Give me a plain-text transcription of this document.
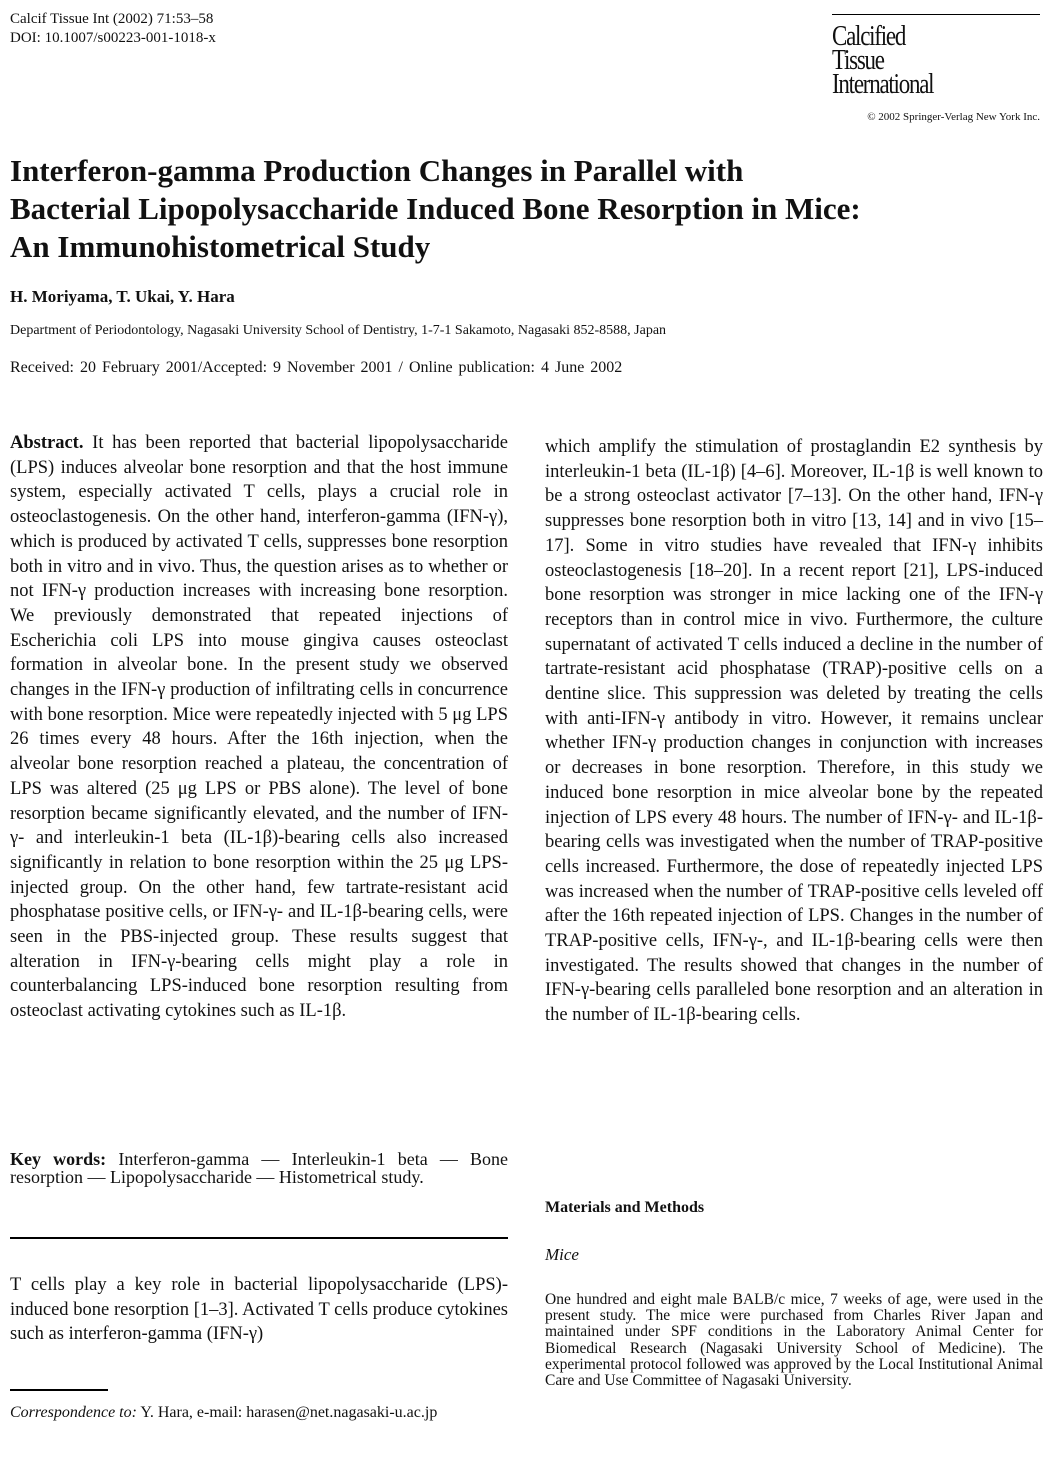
Calcif Tissue Int (2002) 71:53–58
DOI: 10.1007/s00223-001-1018-x	Calcified
Tissue
International
© 2002 Springer-Verlag New York Inc.
Interferon-gamma Production Changes in Parallel with
Bacterial Lipopolysaccharide Induced Bone Resorption in Mice:
An Immunohistometrical Study
H. Moriyama, T. Ukai, Y. Hara
Department of Periodontology, Nagasaki University School of Dentistry, 1-7-1 Sakamoto, Nagasaki 852-8588, Japan
Received: 20 February 2001/Accepted: 9 November 2001 / Online publication: 4 June 2002
Abstract. It has been reported that bacterial lipopolysaccharide (LPS) induces alveolar bone resorption and that the host immune system, especially activated T cells, plays a crucial role in osteoclastogenesis. On the other hand, interferon-gamma (IFN-γ), which is produced by activated T cells, suppresses bone resorption both in vitro and in vivo. Thus, the question arises as to whether or not IFN-γ production increases with increasing bone resorption. We previously demonstrated that repeated injections of Escherichia coli LPS into mouse gingiva causes osteoclast formation in alveolar bone. In the present study we observed changes in the IFN-γ production of infiltrating cells in concurrence with bone resorption. Mice were repeatedly injected with 5 μg LPS 26 times every 48 hours. After the 16th injection, when the alveolar bone resorption reached a plateau, the concentration of LPS was altered (25 μg LPS or PBS alone). The level of bone resorption became significantly elevated, and the number of IFN-γ- and interleukin-1 beta (IL-1β)-bearing cells also increased significantly in relation to bone resorption within the 25 μg LPS-injected group. On the other hand, few tartrate-resistant acid phosphatase positive cells, or IFN-γ- and IL-1β-bearing cells, were seen in the PBS-injected group. These results suggest that alteration in IFN-γ-bearing cells might play a role in counterbalancing LPS-induced bone resorption resulting from osteoclast activating cytokines such as IL-1β.
Key words: Interferon-gamma — Interleukin-1 beta — Bone resorption — Lipopolysaccharide — Histometrical study.
T cells play a key role in bacterial lipopolysaccharide (LPS)-induced bone resorption [1–3]. Activated T cells produce cytokines such as interferon-gamma (IFN-γ)
Correspondence to: Y. Hara, e-mail: harasen@net.nagasaki-u.ac.jp
which amplify the stimulation of prostaglandin E2 synthesis by interleukin-1 beta (IL-1β) [4–6]. Moreover, IL-1β is well known to be a strong osteoclast activator [7–13]. On the other hand, IFN-γ suppresses bone resorption both in vitro [13, 14] and in vivo [15–17]. Some in vitro studies have revealed that IFN-γ inhibits osteoclastogenesis [18–20]. In a recent report [21], LPS-induced bone resorption was stronger in mice lacking one of the IFN-γ receptors than in control mice in vivo. Furthermore, the culture supernatant of activated T cells induced a decline in the number of tartrate-resistant acid phosphatase (TRAP)-positive cells on a dentine slice. This suppression was deleted by treating the cells with anti-IFN-γ antibody in vitro. However, it remains unclear whether IFN-γ production changes in conjunction with increases or decreases in bone resorption. Therefore, in this study we induced bone resorption in mice alveolar bone by the repeated injection of LPS every 48 hours. The number of IFN-γ- and IL-1β-bearing cells was investigated when the number of TRAP-positive cells increased. Furthermore, the dose of repeatedly injected LPS was increased when the number of TRAP-positive cells leveled off after the 16th repeated injection of LPS. Changes in the number of TRAP-positive cells, IFN-γ-, and IL-1β-bearing cells were then investigated. The results showed that changes in the number of IFN-γ-bearing cells paralleled bone resorption and an alteration in the number of IL-1β-bearing cells.
Materials and Methods
Mice
One hundred and eight male BALB/c mice, 7 weeks of age, were used in the present study. The mice were purchased from Charles River Japan and maintained under SPF conditions in the Laboratory Animal Center for Biomedical Research (Nagasaki University School of Medicine). The experimental protocol followed was approved by the Local Institutional Animal Care and Use Committee of Nagasaki University.
